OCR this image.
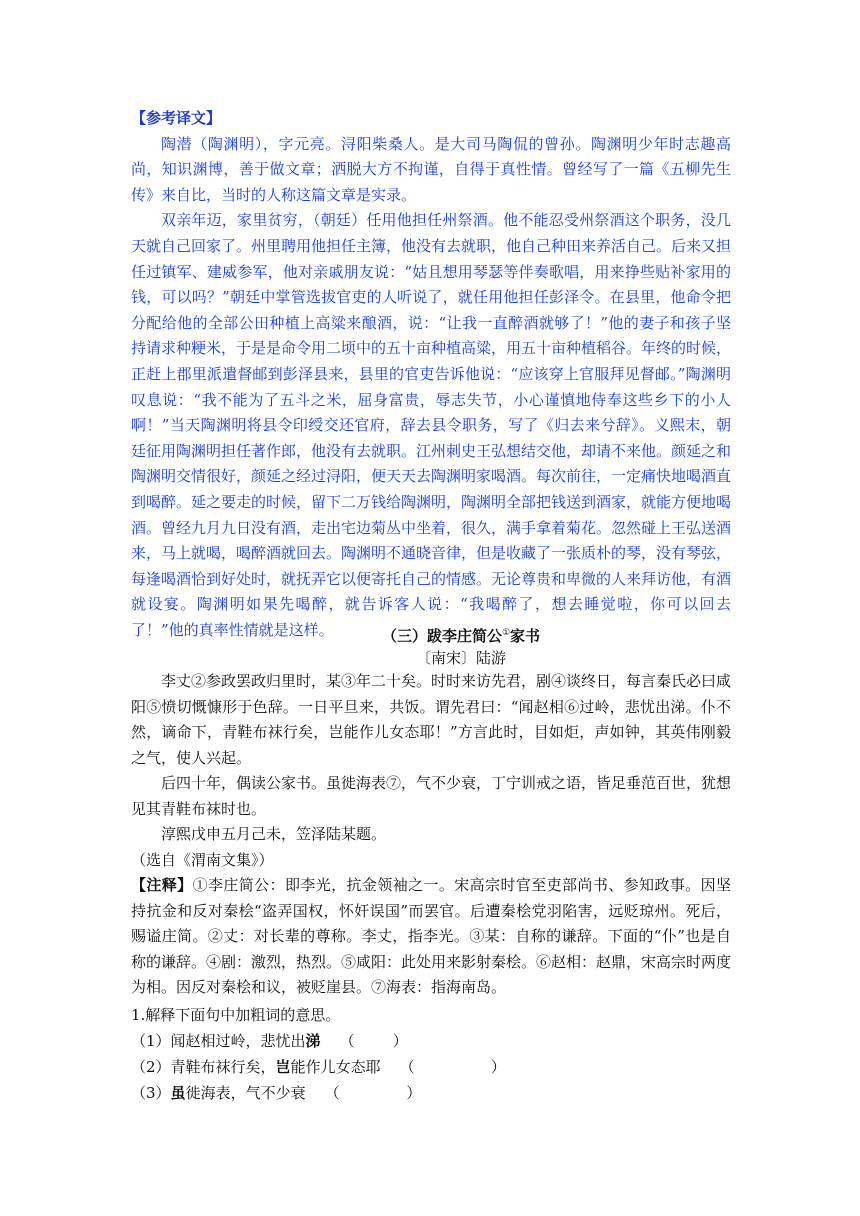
【参考译文】

陶潜（陶渊明），字元亮。浔阳柴桑人。是大司马陶侃的曾孙。陶渊明少年时志趣高尚，知识渊博，善于做文章；洒脱大方不拘谨，自得于真性情。曾经写了一篇《五柳先生传》来自比，当时的人称这篇文章是实录。

双亲年迈，家里贫穷，（朝廷）任用他担任州祭酒。他不能忍受州祭酒这个职务，没几天就自己回家了。州里聘用他担任主簿，他没有去就职，他自己种田来养活自己。后来又担任过镇军、建威参军，他对亲戚朋友说：“姑且想用琴瑟等伴奏歌唱，用来挣些贴补家用的钱，可以吗？”朝廷中掌管选拔官吏的人听说了，就任用他担任彭泽令。在县里，他命令把分配给他的全部公田种植上高粱来酿酒，说：“让我一直醉酒就够了！”他的妻子和孩子坚持请求种粳米，于是是命令用二顷中的五十亩种植高粱，用五十亩种植稻谷。年终的时候，正赶上郡里派遣督邮到彭泽县来，县里的官吏告诉他说：“应该穿上官服拜见督邮。”陶渊明叹息说：“我不能为了五斗之米，屈身富贵，辱志失节，小心谨慎地侍奉这些乡下的小人啊！”当天陶渊明将县令印绶交还官府，辞去县令职务，写了《归去来兮辞》。义熙末，朝廷征用陶渊明担任著作郎，他没有去就职。江州刺史王弘想结交他，却请不来他。颜延之和陶渊明交情很好，颜延之经过浔阳，便天天去陶渊明家喝酒。每次前往，一定痛快地喝酒直到喝醉。延之要走的时候，留下二万钱给陶渊明，陶渊明全部把钱送到酒家，就能方便地喝酒。曾经九月九日没有酒，走出宅边菊丛中坐着，很久，满手拿着菊花。忽然碰上王弘送酒来，马上就喝，喝醉酒就回去。陶渊明不通晓音律，但是收藏了一张质朴的琴，没有琴弦，每逢喝酒恰到好处时，就抚弄它以便寄托自己的情感。无论尊贵和卑微的人来拜访他，有酒就设宴。陶渊明如果先喝醉，就告诉客人说：“我喝醉了，想去睡觉啦，你可以回去了！”他的真率性情就是这样。	（三）跋李庄简公①家书
〔南宋〕陆游

李丈②参政罢政归里时，某③年二十矣。时时来访先君，剧④谈终日，每言秦氏必曰咸阳⑤愤切慨慷形于色辞。一日平旦来，共饭。谓先君曰：“闻赵相⑥过岭，悲忧出涕。仆不然，谪命下，青鞋布袜行矣，岂能作儿女态耶！”方言此时，目如炬，声如钟，其英伟刚毅之气，使人兴起。

后四十年，偶读公家书。虽徙海表⑦，气不少衰，丁宁训戒之语，皆足垂范百世，犹想见其青鞋布袜时也。

淳熙戊申五月己未，笠泽陆某题。

（选自《渭南文集》）
【注释】①李庄简公：即李光，抗金领袖之一。宋高宗时官至吏部尚书、参知政事。因坚持抗金和反对秦桧“盗弄国权，怀奸误国”而罢官。后遭秦桧党羽陷害，远贬琼州。死后，赐谥庄简。②丈：对长辈的尊称。李丈，指李光。③某：自称的谦辞。下面的“仆”也是自称的谦辞。④剧：激烈，热烈。⑤咸阳：此处用来影射秦桧。⑥赵相：赵鼎，宋高宗时两度为相。因反对秦桧和议，被贬崖县。⑦海表：指海南岛。
1.解释下面句中加粗词的意思。
（1）闻赵相过岭，悲忧出涕    （        ）
（2）青鞋布袜行矣，岂能作儿女态耶    （                ）
（3）虽徙海表，气不少衰    （              ）
